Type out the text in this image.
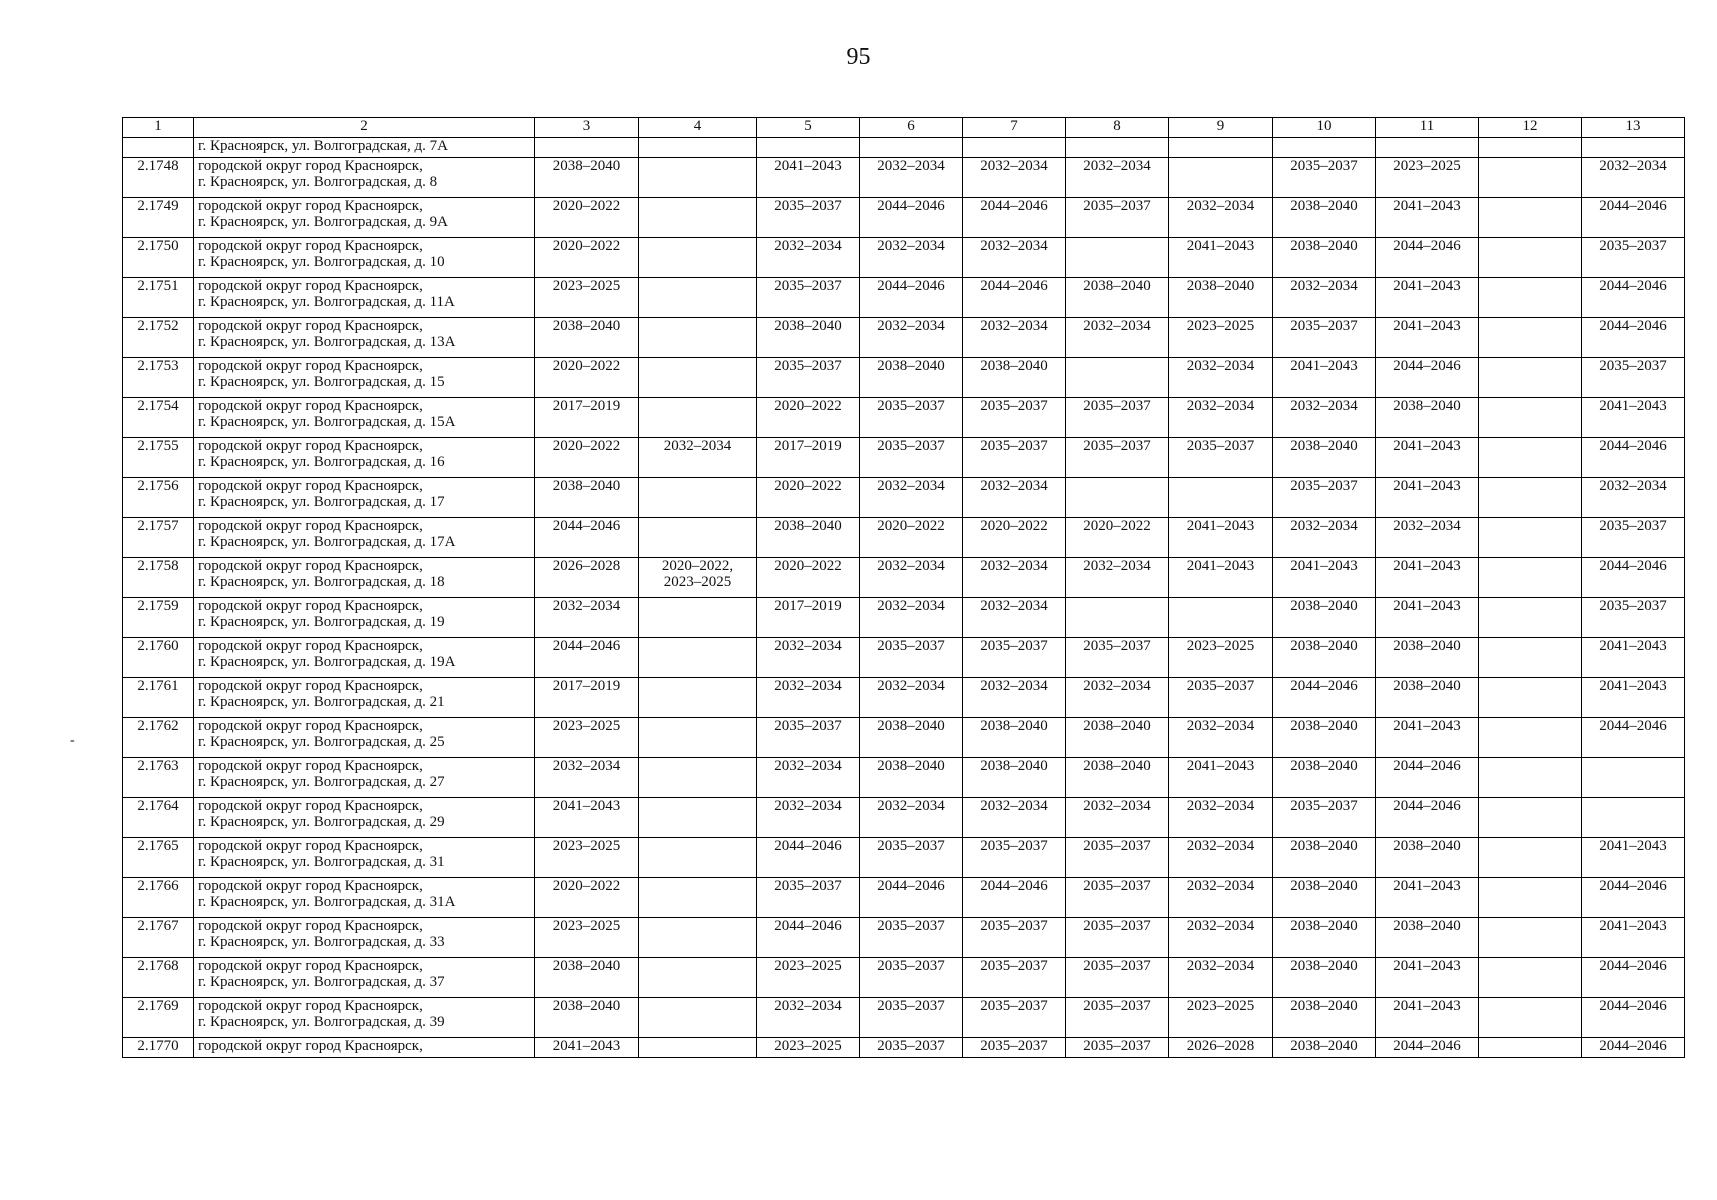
95
-
1	2	3	4	5	6	7	8	9	10	11	12	13
	г. Красноярск, ул. Волгоградская, д. 7А											
2.1748	городской округ город Красноярск,
г. Красноярск, ул. Волгоградская, д. 8	2038–2040		2041–2043	2032–2034	2032–2034	2032–2034		2035–2037	2023–2025		2032–2034
2.1749	городской округ город Красноярск,
г. Красноярск, ул. Волгоградская, д. 9А	2020–2022		2035–2037	2044–2046	2044–2046	2035–2037	2032–2034	2038–2040	2041–2043		2044–2046
2.1750	городской округ город Красноярск,
г. Красноярск, ул. Волгоградская, д. 10	2020–2022		2032–2034	2032–2034	2032–2034		2041–2043	2038–2040	2044–2046		2035–2037
2.1751	городской округ город Красноярск,
г. Красноярск, ул. Волгоградская, д. 11А	2023–2025		2035–2037	2044–2046	2044–2046	2038–2040	2038–2040	2032–2034	2041–2043		2044–2046
2.1752	городской округ город Красноярск,
г. Красноярск, ул. Волгоградская, д. 13А	2038–2040		2038–2040	2032–2034	2032–2034	2032–2034	2023–2025	2035–2037	2041–2043		2044–2046
2.1753	городской округ город Красноярск,
г. Красноярск, ул. Волгоградская, д. 15	2020–2022		2035–2037	2038–2040	2038–2040		2032–2034	2041–2043	2044–2046		2035–2037
2.1754	городской округ город Красноярск,
г. Красноярск, ул. Волгоградская, д. 15А	2017–2019		2020–2022	2035–2037	2035–2037	2035–2037	2032–2034	2032–2034	2038–2040		2041–2043
2.1755	городской округ город Красноярск,
г. Красноярск, ул. Волгоградская, д. 16	2020–2022	2032–2034	2017–2019	2035–2037	2035–2037	2035–2037	2035–2037	2038–2040	2041–2043		2044–2046
2.1756	городской округ город Красноярск,
г. Красноярск, ул. Волгоградская, д. 17	2038–2040		2020–2022	2032–2034	2032–2034			2035–2037	2041–2043		2032–2034
2.1757	городской округ город Красноярск,
г. Красноярск, ул. Волгоградская, д. 17А	2044–2046		2038–2040	2020–2022	2020–2022	2020–2022	2041–2043	2032–2034	2032–2034		2035–2037
2.1758	городской округ город Красноярск,
г. Красноярск, ул. Волгоградская, д. 18	2026–2028	2020–2022,
2023–2025	2020–2022	2032–2034	2032–2034	2032–2034	2041–2043	2041–2043	2041–2043		2044–2046
2.1759	городской округ город Красноярск,
г. Красноярск, ул. Волгоградская, д. 19	2032–2034		2017–2019	2032–2034	2032–2034			2038–2040	2041–2043		2035–2037
2.1760	городской округ город Красноярск,
г. Красноярск, ул. Волгоградская, д. 19А	2044–2046		2032–2034	2035–2037	2035–2037	2035–2037	2023–2025	2038–2040	2038–2040		2041–2043
2.1761	городской округ город Красноярск,
г. Красноярск, ул. Волгоградская, д. 21	2017–2019		2032–2034	2032–2034	2032–2034	2032–2034	2035–2037	2044–2046	2038–2040		2041–2043
2.1762	городской округ город Красноярск,
г. Красноярск, ул. Волгоградская, д. 25	2023–2025		2035–2037	2038–2040	2038–2040	2038–2040	2032–2034	2038–2040	2041–2043		2044–2046
2.1763	городской округ город Красноярск,
г. Красноярск, ул. Волгоградская, д. 27	2032–2034		2032–2034	2038–2040	2038–2040	2038–2040	2041–2043	2038–2040	2044–2046		
2.1764	городской округ город Красноярск,
г. Красноярск, ул. Волгоградская, д. 29	2041–2043		2032–2034	2032–2034	2032–2034	2032–2034	2032–2034	2035–2037	2044–2046		
2.1765	городской округ город Красноярск,
г. Красноярск, ул. Волгоградская, д. 31	2023–2025		2044–2046	2035–2037	2035–2037	2035–2037	2032–2034	2038–2040	2038–2040		2041–2043
2.1766	городской округ город Красноярск,
г. Красноярск, ул. Волгоградская, д. 31А	2020–2022		2035–2037	2044–2046	2044–2046	2035–2037	2032–2034	2038–2040	2041–2043		2044–2046
2.1767	городской округ город Красноярск,
г. Красноярск, ул. Волгоградская, д. 33	2023–2025		2044–2046	2035–2037	2035–2037	2035–2037	2032–2034	2038–2040	2038–2040		2041–2043
2.1768	городской округ город Красноярск,
г. Красноярск, ул. Волгоградская, д. 37	2038–2040		2023–2025	2035–2037	2035–2037	2035–2037	2032–2034	2038–2040	2041–2043		2044–2046
2.1769	городской округ город Красноярск,
г. Красноярск, ул. Волгоградская, д. 39	2038–2040		2032–2034	2035–2037	2035–2037	2035–2037	2023–2025	2038–2040	2041–2043		2044–2046
2.1770	городской округ город Красноярск,	2041–2043		2023–2025	2035–2037	2035–2037	2035–2037	2026–2028	2038–2040	2044–2046		2044–2046
